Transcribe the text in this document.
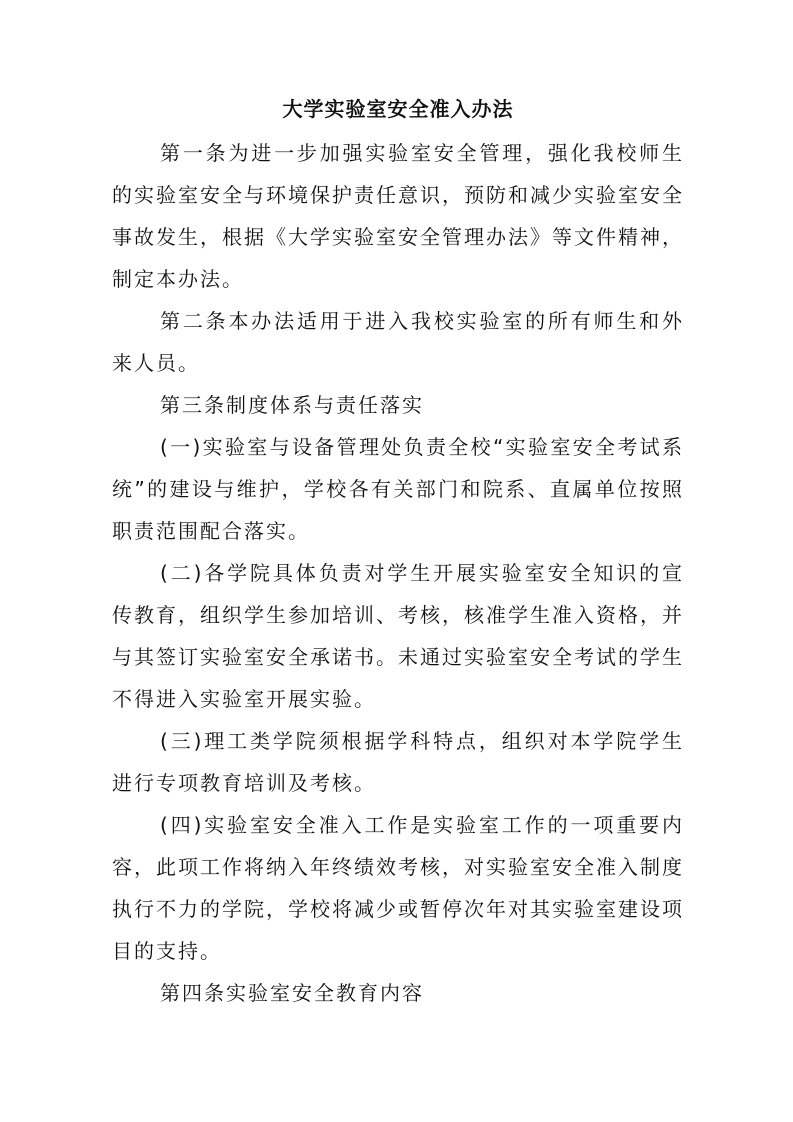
大学实验室安全准入办法

第一条为进一步加强实验室安全管理，强化我校师生的实验室安全与环境保护责任意识，预防和减少实验室安全事故发生，根据《大学实验室安全管理办法》等文件精神，制定本办法。

第二条本办法适用于进入我校实验室的所有师生和外来人员。

第三条制度体系与责任落实

(一)实验室与设备管理处负责全校“实验室安全考试系统”的建设与维护，学校各有关部门和院系、直属单位按照职责范围配合落实。

(二)各学院具体负责对学生开展实验室安全知识的宣传教育，组织学生参加培训、考核，核准学生准入资格，并与其签订实验室安全承诺书。未通过实验室安全考试的学生不得进入实验室开展实验。

(三)理工类学院须根据学科特点，组织对本学院学生进行专项教育培训及考核。

(四)实验室安全准入工作是实验室工作的一项重要内容，此项工作将纳入年终绩效考核，对实验室安全准入制度执行不力的学院，学校将减少或暂停次年对其实验室建设项目的支持。

第四条实验室安全教育内容
